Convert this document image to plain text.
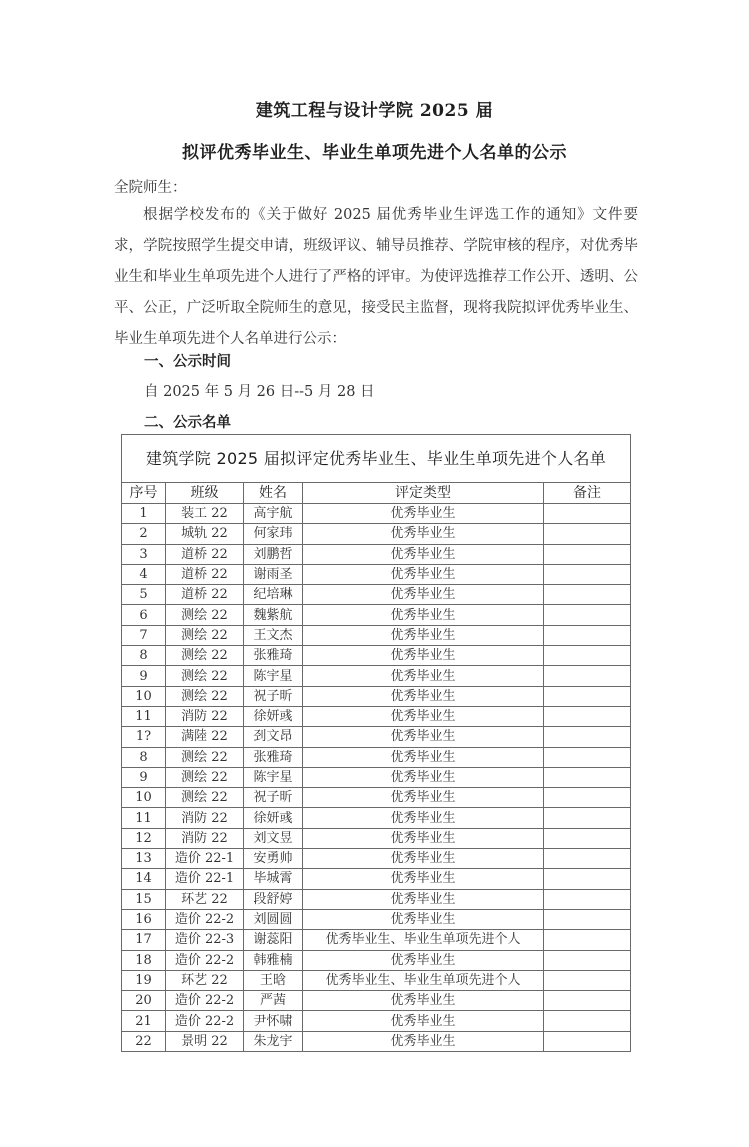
建筑工程与设计学院 2025 届
拟评优秀毕业生、毕业生单项先进个人名单的公示
全院师生：
根据学校发布的《关于做好 2025 届优秀毕业生评选工作的通知》文件要求，学院按照学生提交申请，班级评议、辅导员推荐、学院审核的程序，对优秀毕业生和毕业生单项先进个人进行了严格的评审。为使评选推荐工作公开、透明、公平、公正，广泛听取全院师生的意见，接受民主监督，现将我院拟评优秀毕业生、毕业生单项先进个人名单进行公示：
一、公示时间
自 2025 年 5 月 26 日--5 月 28 日
二、公示名单
建筑学院 2025 届拟评定优秀毕业生、毕业生单项先进个人名单				
序号	班级	姓名	评定类型	备注
1	装工 22	高宇航	优秀毕业生	
2	城轨 22	何家玮	优秀毕业生	
3	道桥 22	刘鹏哲	优秀毕业生	
4	道桥 22	谢雨圣	优秀毕业生	
5	道桥 22	纪培琳	优秀毕业生	
6	测绘 22	魏紫航	优秀毕业生	
7	测绘 22	王文杰	优秀毕业生	
8	测绘 22	张雅琦	优秀毕业生	
9	测绘 22	陈宇星	优秀毕业生	
10	测绘 22	祝子昕	优秀毕业生	
11	消防 22	徐妍彧	优秀毕业生	
1?	满陸 22	刭文昂	优秀毕业生	
8	测绘 22	张雅琦	优秀毕业生	
9	测绘 22	陈宇星	优秀毕业生	
10	测绘 22	祝子昕	优秀毕业生	
11	消防 22	徐妍彧	优秀毕业生	
12	消防 22	刘文昱	优秀毕业生	
13	造价 22-1	安勇帅	优秀毕业生	
14	造价 22-1	毕城霄	优秀毕业生	
15	环艺 22	段舒婷	优秀毕业生	
16	造价 22-2	刘圆圆	优秀毕业生	
17	造价 22-3	谢蕊阳	优秀毕业生、毕业生单项先进个人	
18	造价 22-2	韩雅楠	优秀毕业生	
19	环艺 22	王晗	优秀毕业生、毕业生单项先进个人	
20	造价 22-2	严茜	优秀毕业生	
21	造价 22-2	尹怀啸	优秀毕业生	
22	景明 22	朱龙宇	优秀毕业生	
